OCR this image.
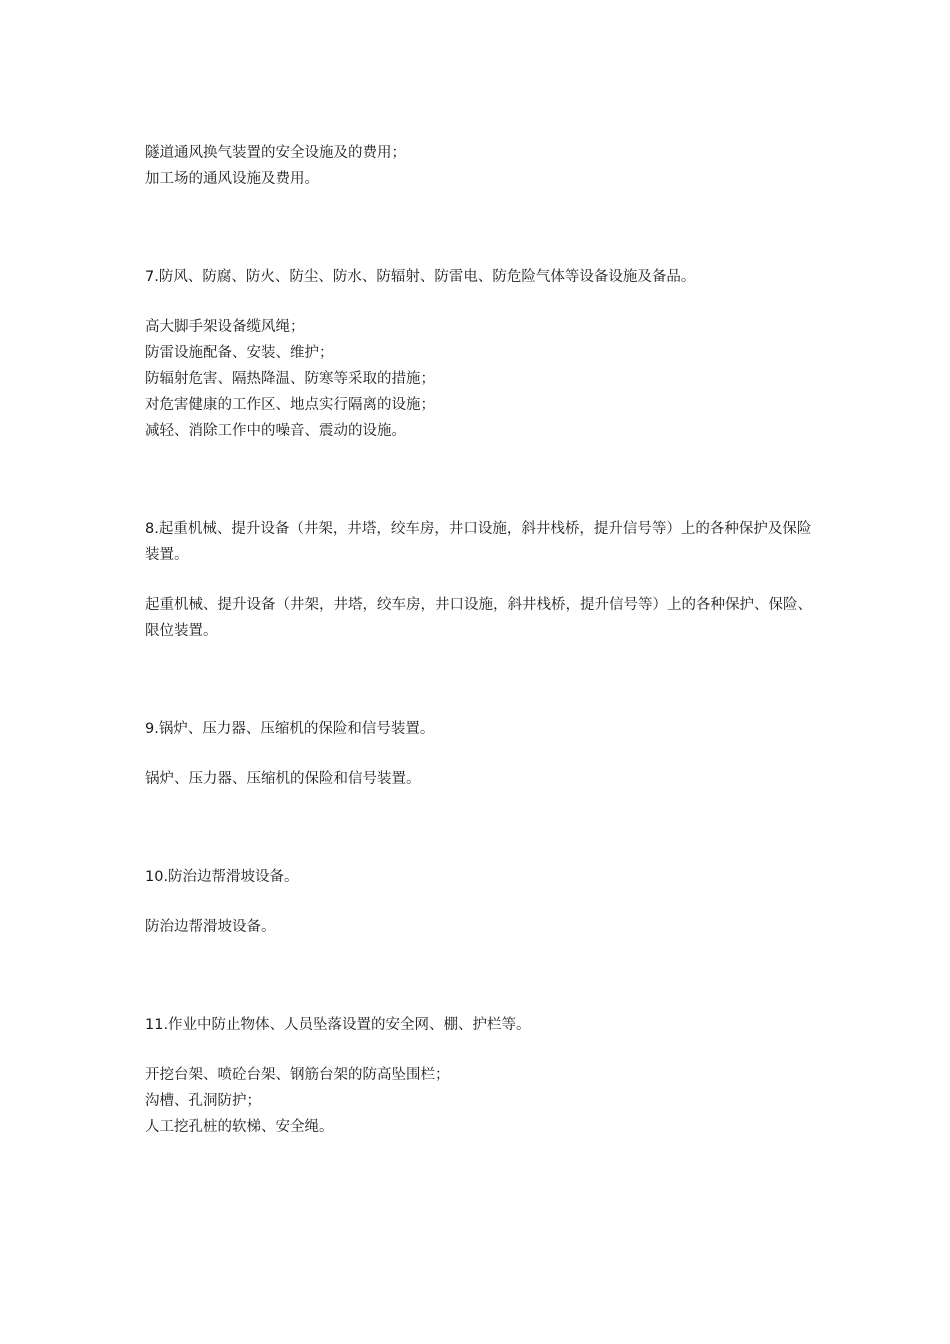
隧道通风换气装置的安全设施及的费用；

加工场的通风设施及费用。

7.防风、防腐、防火、防尘、防水、防辐射、防雷电、防危险气体等设备设施及备品。

高大脚手架设备缆风绳；

防雷设施配备、安装、维护；

防辐射危害、隔热降温、防寒等采取的措施；

对危害健康的工作区、地点实行隔离的设施；

减轻、消除工作中的噪音、震动的设施。

8.起重机械、提升设备（井架，井塔，绞车房，井口设施，斜井栈桥，提升信号等）上的各种保护及保险装置。

起重机械、提升设备（井架，井塔，绞车房，井口设施，斜井栈桥，提升信号等）上的各种保护、保险、限位装置。

9.锅炉、压力器、压缩机的保险和信号装置。

锅炉、压力器、压缩机的保险和信号装置。

10.防治边帮滑坡设备。

防治边帮滑坡设备。

11.作业中防止物体、人员坠落设置的安全网、棚、护栏等。

开挖台架、喷砼台架、钢筋台架的防高坠围栏；

沟槽、孔洞防护；

人工挖孔桩的软梯、安全绳。
